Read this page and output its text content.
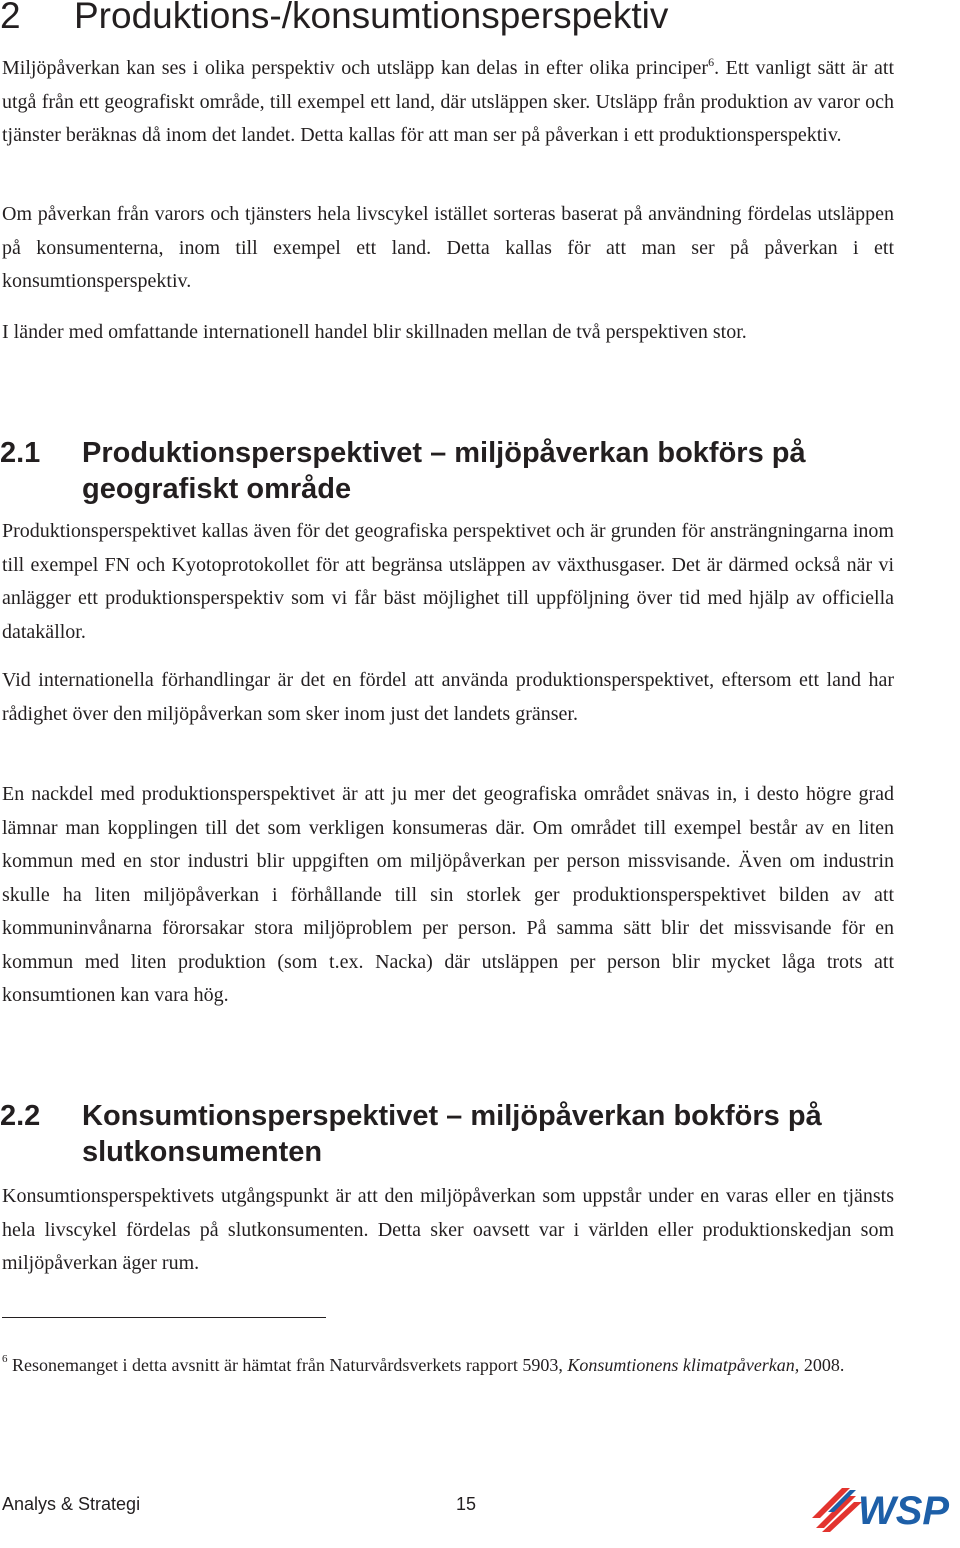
2 Produktions-/konsumtionsperspektiv

Miljöpåverkan kan ses i olika perspektiv och utsläpp kan delas in efter olika principer$^6$. Ett vanligt sätt är att utgå från ett geografiskt område, till exempel ett land, där utsläppen sker. Utsläpp från produktion av varor och tjänster beräknas då inom det landet. Detta kallas för att man ser på påverkan i ett produktionsperspektiv.

Om påverkan från varors och tjänsters hela livscykel istället sorteras baserat på användning fördelas utsläppen på konsumenterna, inom till exempel ett land. Detta kallas för att man ser på påverkan i ett konsumtionsperspektiv.

I länder med omfattande internationell handel blir skillnaden mellan de två perspektiven stor.

2.1 Produktionsperspektivet – miljöpåverkan bokförs på geografiskt område

Produktionsperspektivet kallas även för det geografiska perspektivet och är grunden för ansträngningarna inom till exempel FN och Kyotoprotokollet för att begränsa utsläppen av växthusgaser. Det är därmed också när vi anlägger ett produktionsperspektiv som vi får bäst möjlighet till uppföljning över tid med hjälp av officiella datakällor.

Vid internationella förhandlingar är det en fördel att använda produktionsperspektivet, eftersom ett land har rådighet över den miljöpåverkan som sker inom just det landets gränser.

En nackdel med produktionsperspektivet är att ju mer det geografiska området snävas in, i desto högre grad lämnar man kopplingen till det som verkligen konsumeras där. Om området till exempel består av en liten kommun med en stor industri blir uppgiften om miljöpåverkan per person missvisande. Även om industrin skulle ha liten miljöpåverkan i förhållande till sin storlek ger produktionsperspektivet bilden av att kommuninvånarna förorsakar stora miljöproblem per person. På samma sätt blir det missvisande för en kommun med liten produktion (som t.ex. Nacka) där utsläppen per person blir mycket låga trots att konsumtionen kan vara hög.

2.2 Konsumtionsperspektivet – miljöpåverkan bokförs på slutkonsumenten

Konsumtionsperspektivets utgångspunkt är att den miljöpåverkan som uppstår under en varas eller en tjänsts hela livscykel fördelas på slutkonsumenten. Detta sker oavsett var i världen eller produktionskedjan som miljöpåverkan äger rum.

$^6$ Resonemanget i detta avsnitt är hämtat från Naturvårdsverkets rapport 5903, Konsumtionens klimatpåverkan, 2008.

Analys & Strategi	15	WSP
